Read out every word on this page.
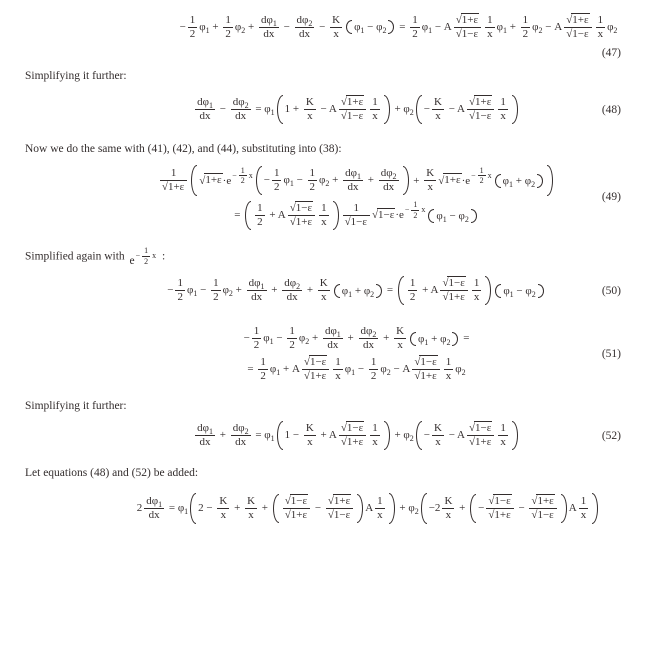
− $\frac{1}{2} \varphi_1 + \frac{1}{2} \varphi_2 + \frac{d\varphi_1}{dx} - \frac{d\varphi_2}{dx} - \frac{K}{x} \varphi_1 - \varphi_2 = \frac{1}{2} \varphi_1 - A \frac{√1+\varepsilon}{√1-\varepsilon} \frac{1}{x} \varphi_1 + \frac{1}{2} \varphi_2 - A \frac{√1+\varepsilon}{√1-\varepsilon} \frac{1}{x} \varphi_2$
(47)
Simplifying it further:
$\frac{d\varphi_1}{dx} - \frac{d\varphi_2}{dx} = \varphi_1$ $1 + \frac{K}{x} - A \frac{√1+\varepsilon}{√1-\varepsilon} \frac{1}{x} + \varphi_2 - \frac{K}{x} - A \frac{√1+\varepsilon}{√1-\varepsilon} \frac{1}{x}$	(48)
Now we do the same with (41), (42), and (44), substituting into (38):
$\frac{1}{√1+\varepsilon} √1+\varepsilon\cdot e- \frac{1}{2}$ $x - \frac{1}{2} \varphi_1 - \frac{1}{2} \varphi_2 + \frac{d\varphi_1}{dx} + \frac{d\varphi_2}{dx} + \frac{K}{x} √1+\varepsilon\cdot e- \frac{1}{2}$ x $\varphi_1 + \varphi_2$
= $\frac{1}{2} + A \frac{√1-\varepsilon}{√1+\varepsilon} \frac{1}{x} \frac{1}{√1-\varepsilon} √1-\varepsilon\cdot e- \frac{1}{2}$ x $\varphi_1 - \varphi_2$
(49)
Simplified again with $e- \frac{1}{2}$ x :
− $\frac{1}{2} \varphi_1 - \frac{1}{2} \varphi_2 + \frac{d\varphi_1}{dx} + \frac{d\varphi_2}{dx} + \frac{K}{x} \varphi_1 + \varphi_2 = \frac{1}{2} + A \frac{√1-\varepsilon}{√1+\varepsilon} \frac{1}{x} \varphi_1 - \varphi_2$	(50)
− $\frac{1}{2} \varphi_1 - \frac{1}{2} \varphi_2 + \frac{d\varphi_1}{dx} + \frac{d\varphi_2}{dx} + \frac{K}{x} \varphi_1 + \varphi_2$ =
= $\frac{1}{2} \varphi_1 + A \frac{√1-\varepsilon}{√1+\varepsilon} \frac{1}{x} \varphi_1 - \frac{1}{2} \varphi_2 - A \frac{√1-\varepsilon}{√1+\varepsilon} \frac{1}{x} \varphi_2$
(51)
Simplifying it further:
$\frac{d\varphi_1}{dx} + \frac{d\varphi_2}{dx} = \varphi_1$ $1 - \frac{K}{x} + A \frac{√1-\varepsilon}{√1+\varepsilon} \frac{1}{x} + \varphi_2 - \frac{K}{x} - A \frac{√1-\varepsilon}{√1+\varepsilon} \frac{1}{x}$	(52)
Let equations (48) and (52) be added:
$2 \frac{d\varphi_1}{dx} = \varphi_1$ $2 - \frac{K}{x} + \frac{K}{x} + \frac{√1-\varepsilon}{√1+\varepsilon} - \frac{√1+\varepsilon}{√1-\varepsilon}$ A $\frac{1}{x} + \varphi_2 -2 \frac{K}{x}$ + − $\frac{√1-\varepsilon}{√1+\varepsilon} - \frac{√1+\varepsilon}{√1-\varepsilon}$ A $\frac{1}{x}$
